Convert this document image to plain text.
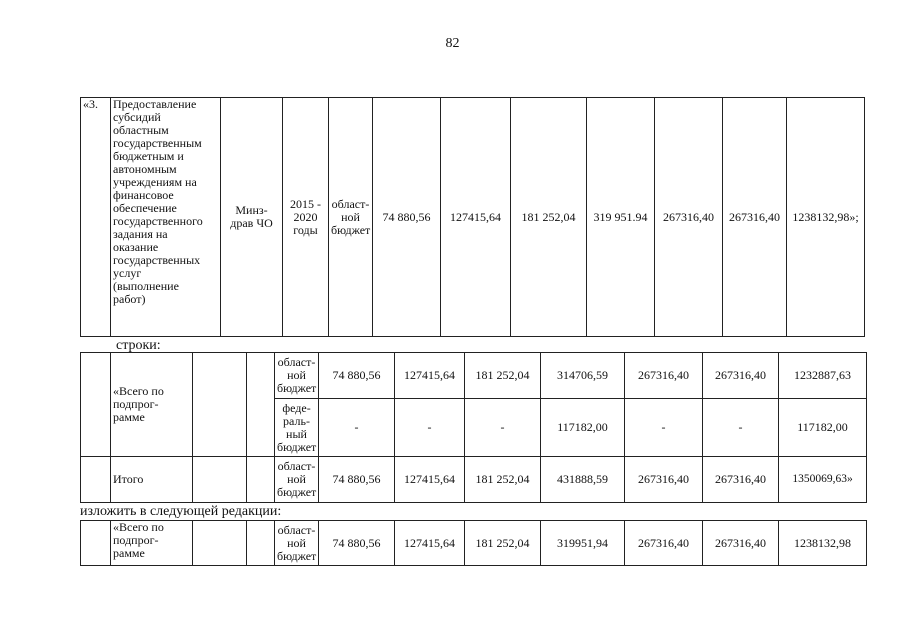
82
«3.	Предоставление
субсидий
областным
государственным
бюджетным и
автономным
учреждениям на
финансовое
обеспечение
государственного
задания на
оказание
государственных
услуг
(выполнение
работ)	Минз-
драв ЧО	2015 -
2020
годы	област-
ной
бюджет	74 880,56	127415,64	181 252,04	319 951.94	267316,40	267316,40	1238132,98»;
строки:
	«Всего по
подпрог-
рамме			област-
ной
бюджет	74 880,56	127415,64	181 252,04	314706,59	267316,40	267316,40	1232887,63
				феде-
раль-
ный
бюджет	-	-	-	117182,00	-	-	117182,00
	Итого			област-
ной
бюджет	74 880,56	127415,64	181 252,04	431888,59	267316,40	267316,40	1350069,63»
изложить в следующей редакции:
	«Всего по
подпрог-
рамме			област-
ной
бюджет	74 880,56	127415,64	181 252,04	319951,94	267316,40	267316,40	1238132,98
